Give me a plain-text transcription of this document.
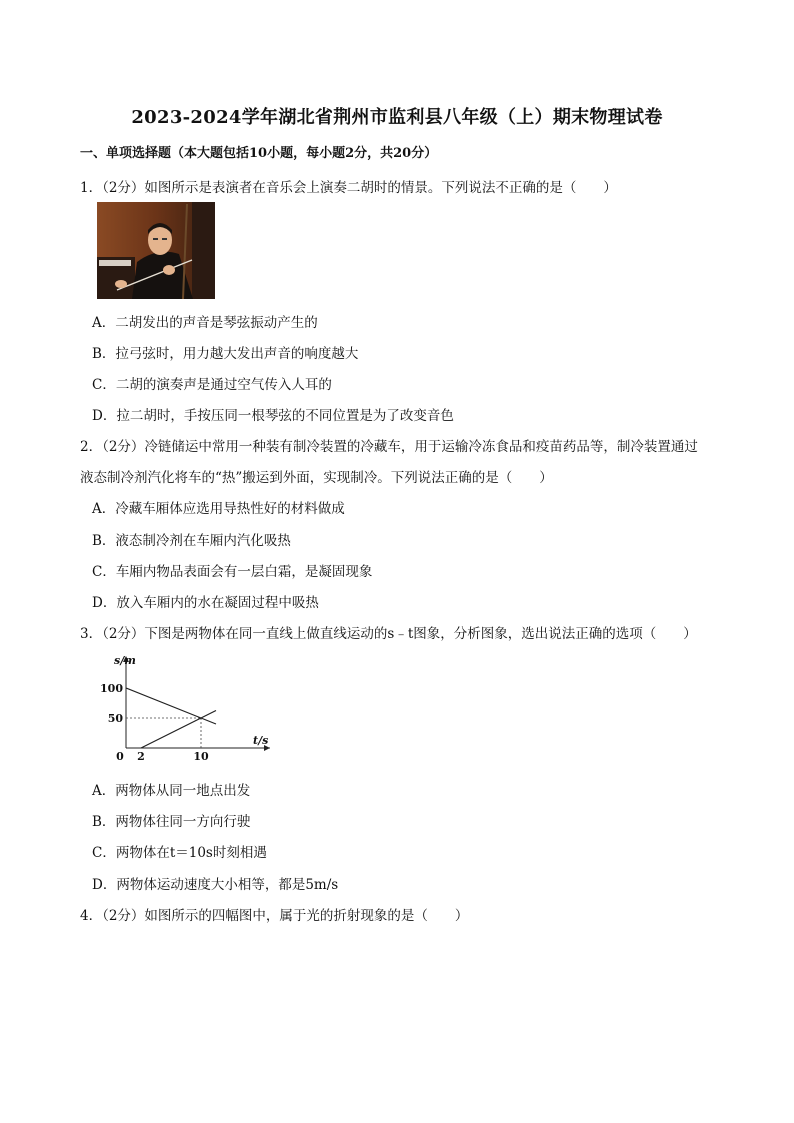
2023-2024学年湖北省荆州市监利县八年级（上）期末物理试卷
一、单项选择题（本大题包括10小题，每小题2分，共20分）
1．（2分）如图所示是表演者在音乐会上演奏二胡时的情景。下列说法不正确的是（　　）
A．二胡发出的声音是琴弦振动产生的
B．拉弓弦时，用力越大发出声音的响度越大
C．二胡的演奏声是通过空气传入人耳的
D．拉二胡时，手按压同一根琴弦的不同位置是为了改变音色
2．（2分）冷链储运中常用一种装有制冷装置的冷藏车，用于运输冷冻食品和疫苗药品等，制冷装置通过
液态制冷剂汽化将车的“热”搬运到外面，实现制冷。下列说法正确的是（　　）
A．冷藏车厢体应选用导热性好的材料做成
B．液态制冷剂在车厢内汽化吸热
C．车厢内物品表面会有一层白霜，是凝固现象
D．放入车厢内的水在凝固过程中吸热
3．（2分）下图是两物体在同一直线上做直线运动的s﹣t图象，分析图象，选出说法正确的选项（　　）
0 2	10
50
100
s/m
t/s
A．两物体从同一地点出发
B．两物体往同一方向行驶
C．两物体在t＝10s时刻相遇
D．两物体运动速度大小相等，都是5m/s
4．（2分）如图所示的四幅图中，属于光的折射现象的是（　　）
